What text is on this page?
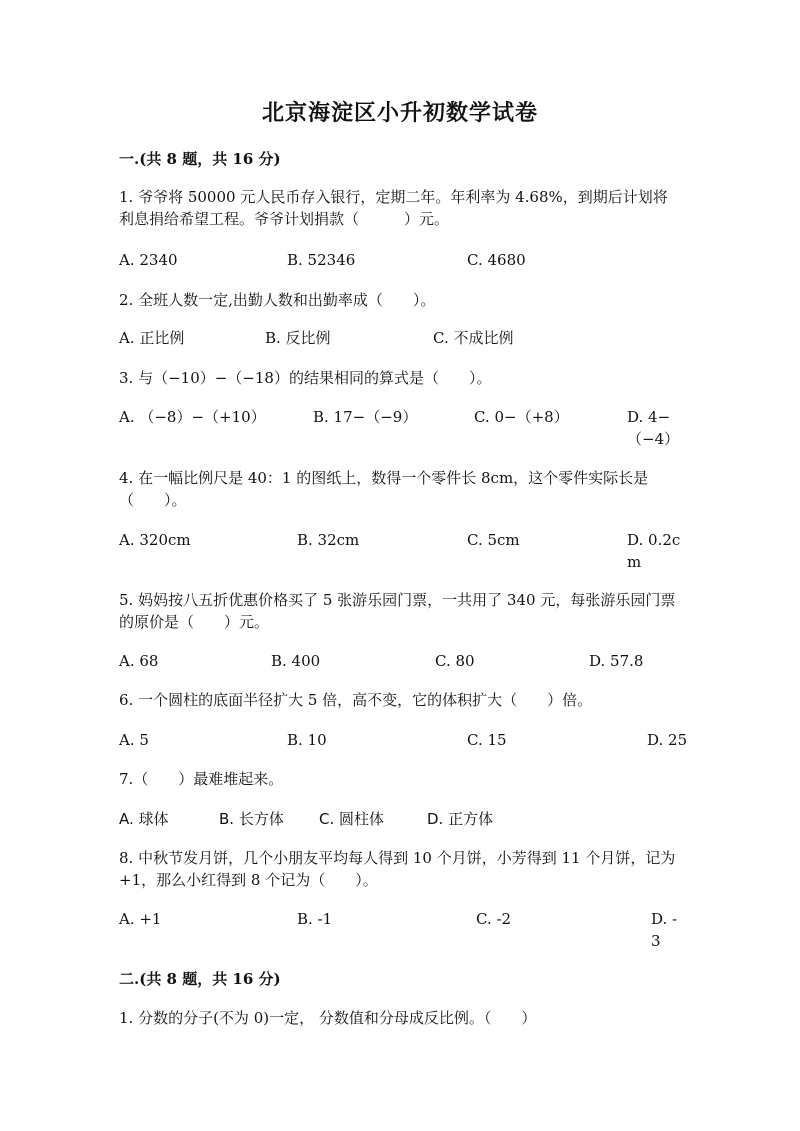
北京海淀区小升初数学试卷
一.(共 8 题，共 16 分)
1. 爷爷将 50000 元人民币存入银行，定期二年。年利率为 4.68%，到期后计划将利息捐给希望工程。爷爷计划捐款（　　　）元。
A. 2340	B. 52346	C. 4680
2. 全班人数一定,出勤人数和出勤率成（　　）。
A. 正比例	B. 反比例	C. 不成比例
3. 与（−10）−（−18）的结果相同的算式是（　　）。
A. （−8）−（+10）	B. 17−（−9）	C. 0−（+8）	D. 4−（−4）
4. 在一幅比例尺是 40：1 的图纸上，数得一个零件长 8cm，这个零件实际长是（　　）。
A. 320cm	B. 32cm	C. 5cm	D. 0.2cm
5. 妈妈按八五折优惠价格买了 5 张游乐园门票，一共用了 340 元，每张游乐园门票的原价是（　　）元。
A. 68	B. 400	C. 80	D. 57.8
6. 一个圆柱的底面半径扩大 5 倍，高不变，它的体积扩大（　　）倍。
A. 5	B. 10	C. 15	D. 25
7.（　　）最难堆起来。
A. 球体	B. 长方体 C. 圆柱体	D. 正方体
8. 中秋节发月饼，几个小朋友平均每人得到 10 个月饼，小芳得到 11 个月饼，记为+1，那么小红得到 8 个记为（　　）。
A. +1	B. -1	C. -2	D. -3
二.(共 8 题，共 16 分)
1. 分数的分子(不为 0)一定， 分数值和分母成反比例。（　　）
